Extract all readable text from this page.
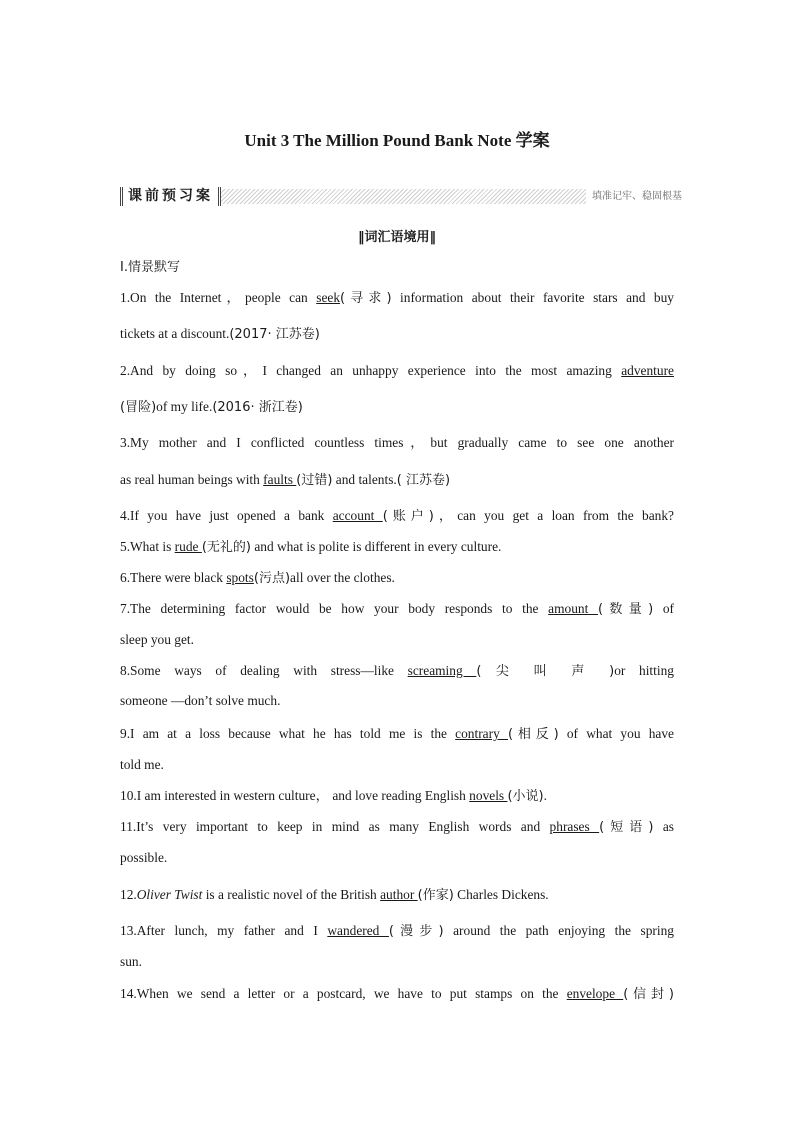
Unit 3 The Million Pound Bank Note 学案
课前预习案	填准记牢、稳固根基
‖词汇语境用‖
Ⅰ.情景默写
1.On the Internet，people can seek(寻求) information about their favorite stars and buy
tickets at a discount.(2017· 江苏卷)
2.And by doing so，I changed an unhappy experience into the most amazing adventure
(冒险)of my life.(2016· 浙江卷)
3.My mother and I conflicted countless times，but gradually came to see one another
as real human beings with faults (过错) and talents.( 江苏卷)
4.If you have just opened a bank account (账户)，can you get a loan from the bank?
5.What is rude (无礼的) and what is polite is different in every culture.
6.There were black spots(污点)all over the clothes.
7.The determining factor would be how your body responds to the amount (数量) of
sleep you get.
8.Some ways of dealing with stress—like screaming ( 尖 叫 声 )or hitting
someone —don’t solve much.
9.I am at a loss because what he has told me is the contrary (相反) of what you have
told me.
10.I am interested in western culture， and love reading English novels (小说).
11.It’s very important to keep in mind as many English words and phrases (短语) as
possible.
12.Oliver Twist is a realistic novel of the British author (作家) Charles Dickens.
13.After lunch, my father and I wandered (漫步) around the path enjoying the spring
sun.
14.When we send a letter or a postcard, we have to put stamps on the envelope (信封)
